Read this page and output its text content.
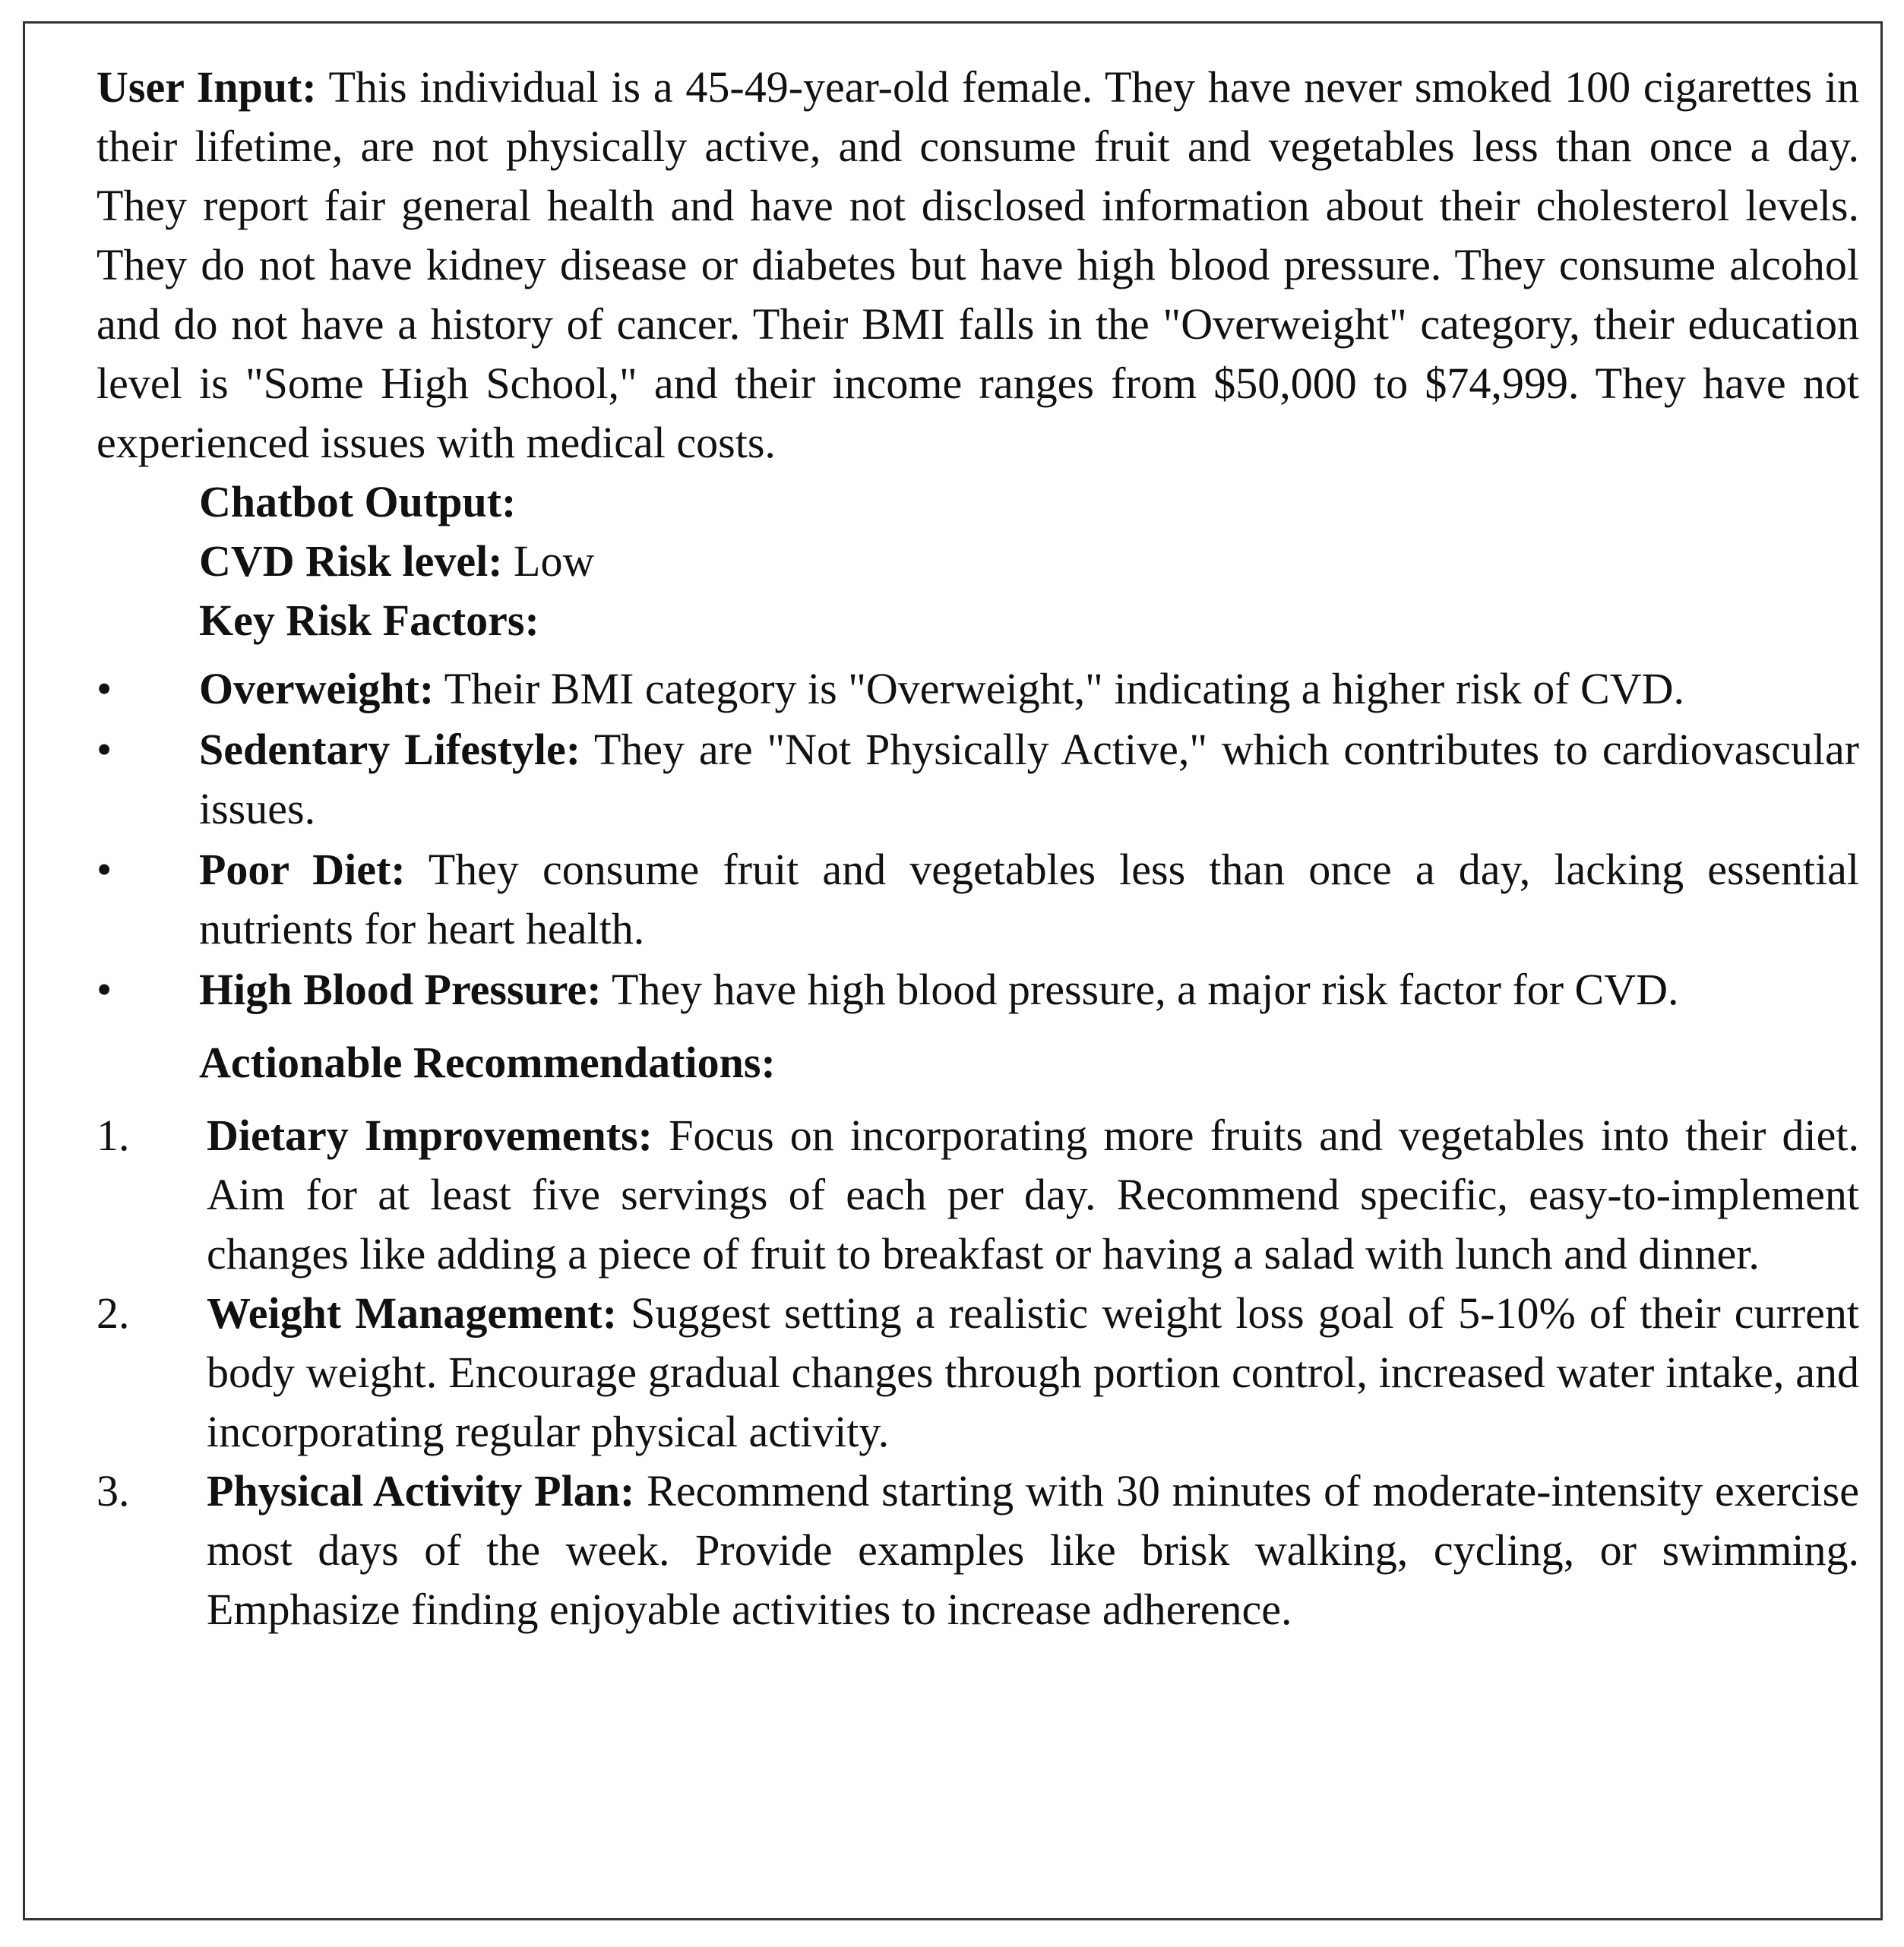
User Input: This individual is a 45-49-year-old female. They have never smoked 100 cigarettes in their lifetime, are not physically active, and consume fruit and vegetables less than once a day. They report fair general health and have not disclosed information about their cholesterol levels. They do not have kidney disease or diabetes but have high blood pressure. They consume alcohol and do not have a history of cancer. Their BMI falls in the "Overweight" category, their education level is "Some High School," and their income ranges from $50,000 to $74,999. They have not experienced issues with medical costs.

Chatbot Output:

CVD Risk level: Low

Key Risk Factors:

•	Overweight: Their BMI category is "Overweight," indicating a higher risk of CVD.
•	Sedentary Lifestyle: They are "Not Physically Active," which contributes to cardiovascular issues.
•	Poor Diet: They consume fruit and vegetables less than once a day, lacking essential nutrients for heart health.
•	High Blood Pressure: They have high blood pressure, a major risk factor for CVD.

Actionable Recommendations:

1. Dietary Improvements: Focus on incorporating more fruits and vegetables into their diet. Aim for at least five servings of each per day. Recommend specific, easy-to-implement changes like adding a piece of fruit to breakfast or having a salad with lunch and dinner.
2. Weight Management: Suggest setting a realistic weight loss goal of 5-10% of their current body weight. Encourage gradual changes through portion control, increased water intake, and incorporating regular physical activity.
3. Physical Activity Plan: Recommend starting with 30 minutes of moderate-intensity exercise most days of the week. Provide examples like brisk walking, cycling, or swimming. Emphasize finding enjoyable activities to increase adherence.
